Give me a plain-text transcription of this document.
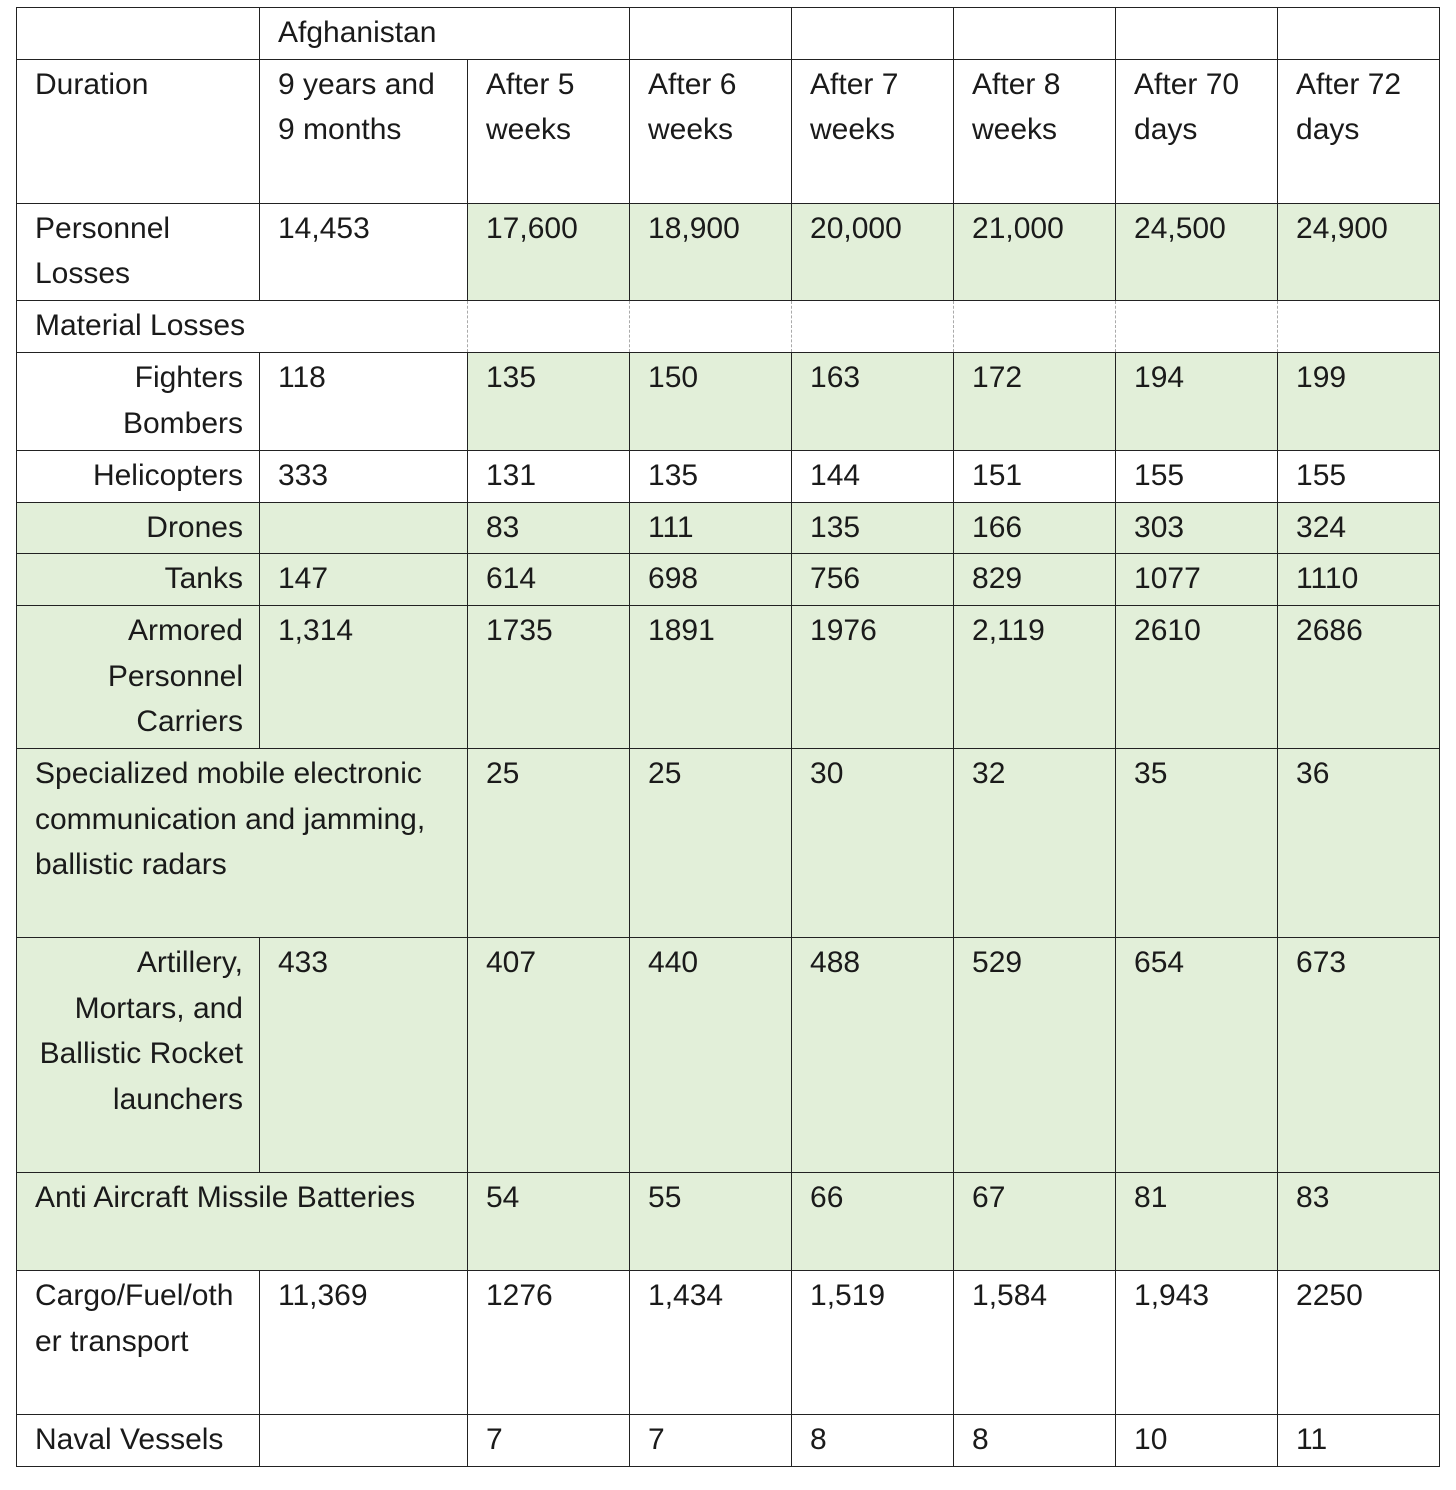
	Afghanistan						
Duration	9 years and 9 months	After 5 weeks	After 6 weeks	After 7 weeks	After 8 weeks	After 70 days	After 72 days
Personnel Losses	14,453	17,600	18,900	20,000	21,000	24,500	24,900
Material Losses							
Fighters Bombers	118	135	150	163	172	194	199
Helicopters	333	131	135	144	151	155	155
Drones		83	111	135	166	303	324
Tanks	147	614	698	756	829	1077	1110
Armored Personnel Carriers	1,314	1735	1891	1976	2,119	2610	2686
Specialized mobile electronic communication and jamming, ballistic radars		25	25	30	32	35	36
Artillery, Mortars, and Ballistic Rocket launchers	433	407	440	488	529	654	673
Anti Aircraft Missile Batteries		54	55	66	67	81	83
Cargo/Fuel/other transport	11,369	1276	1,434	1,519	1,584	1,943	2250
Naval Vessels		7	7	8	8	10	11
